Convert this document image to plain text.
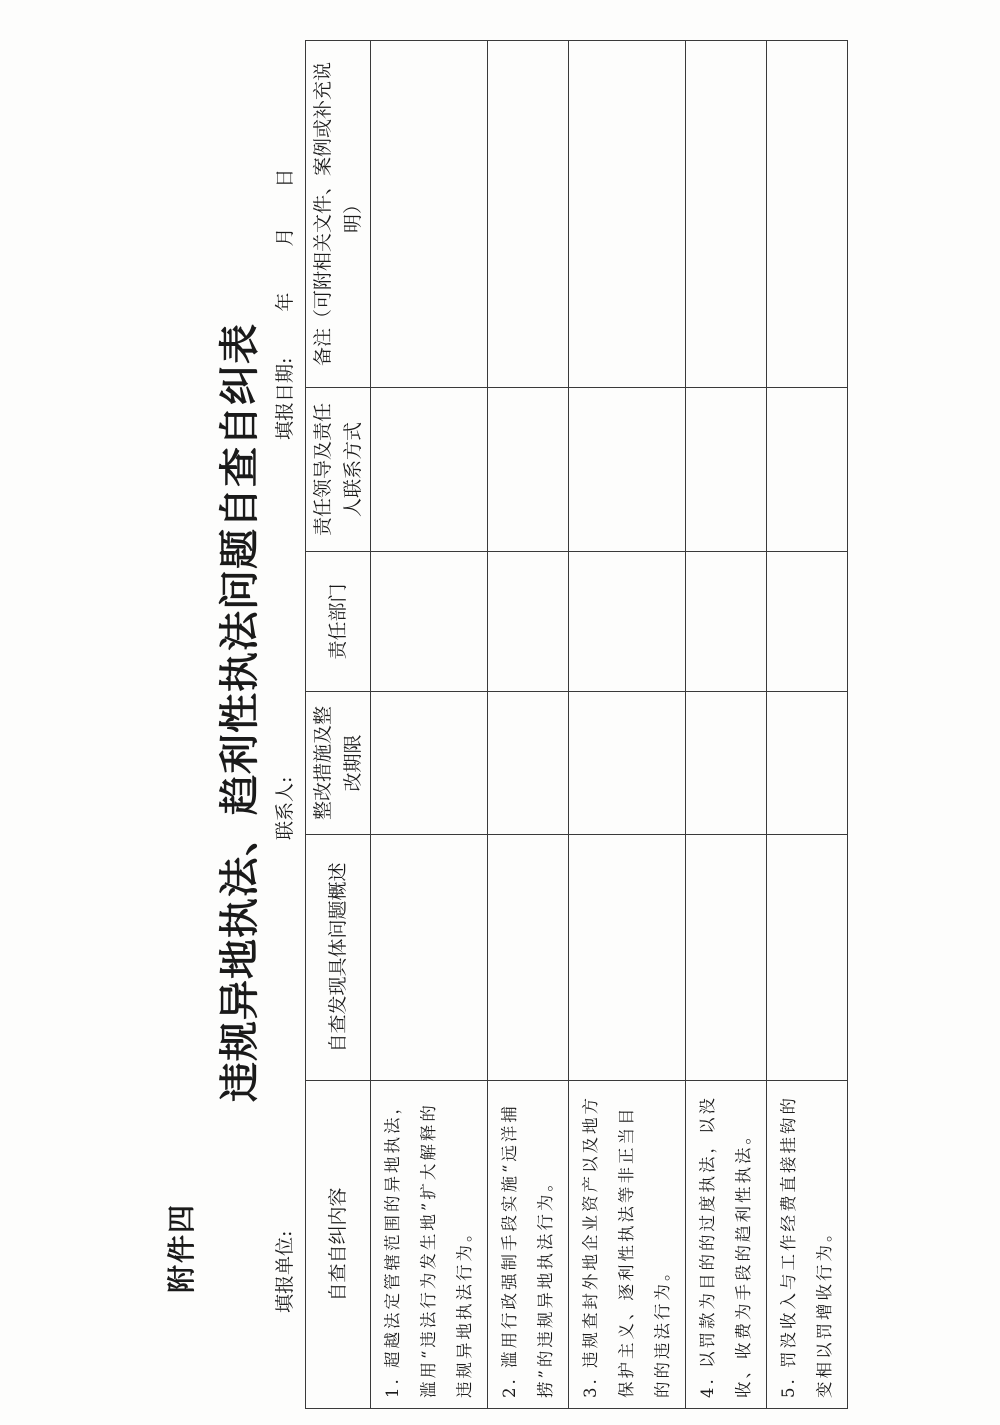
附件四
违规异地执法、趋利性执法问题自查自纠表
填报单位:
联系人:
填报日期:年月日
自查自纠内容	自查发现具体问题概述	整改措施及整改期限	责任部门	责任领导及责任人联系方式	备注（可附相关文件、案例或补充说明）
1. 超越法定管辖范围的异地执法，滥用“违法行为发生地”扩大解释的违规异地执法行为。					
2. 滥用行政强制手段实施“远洋捕捞”的违规异地执法行为。					
3. 违规查封外地企业资产以及地方保护主义、逐利性执法等非正当目的的违法行为。					
4. 以罚款为目的的过度执法，以没收、收费为手段的趋利性执法。					
5. 罚没收入与工作经费直接挂钩的变相以罚增收行为。					
